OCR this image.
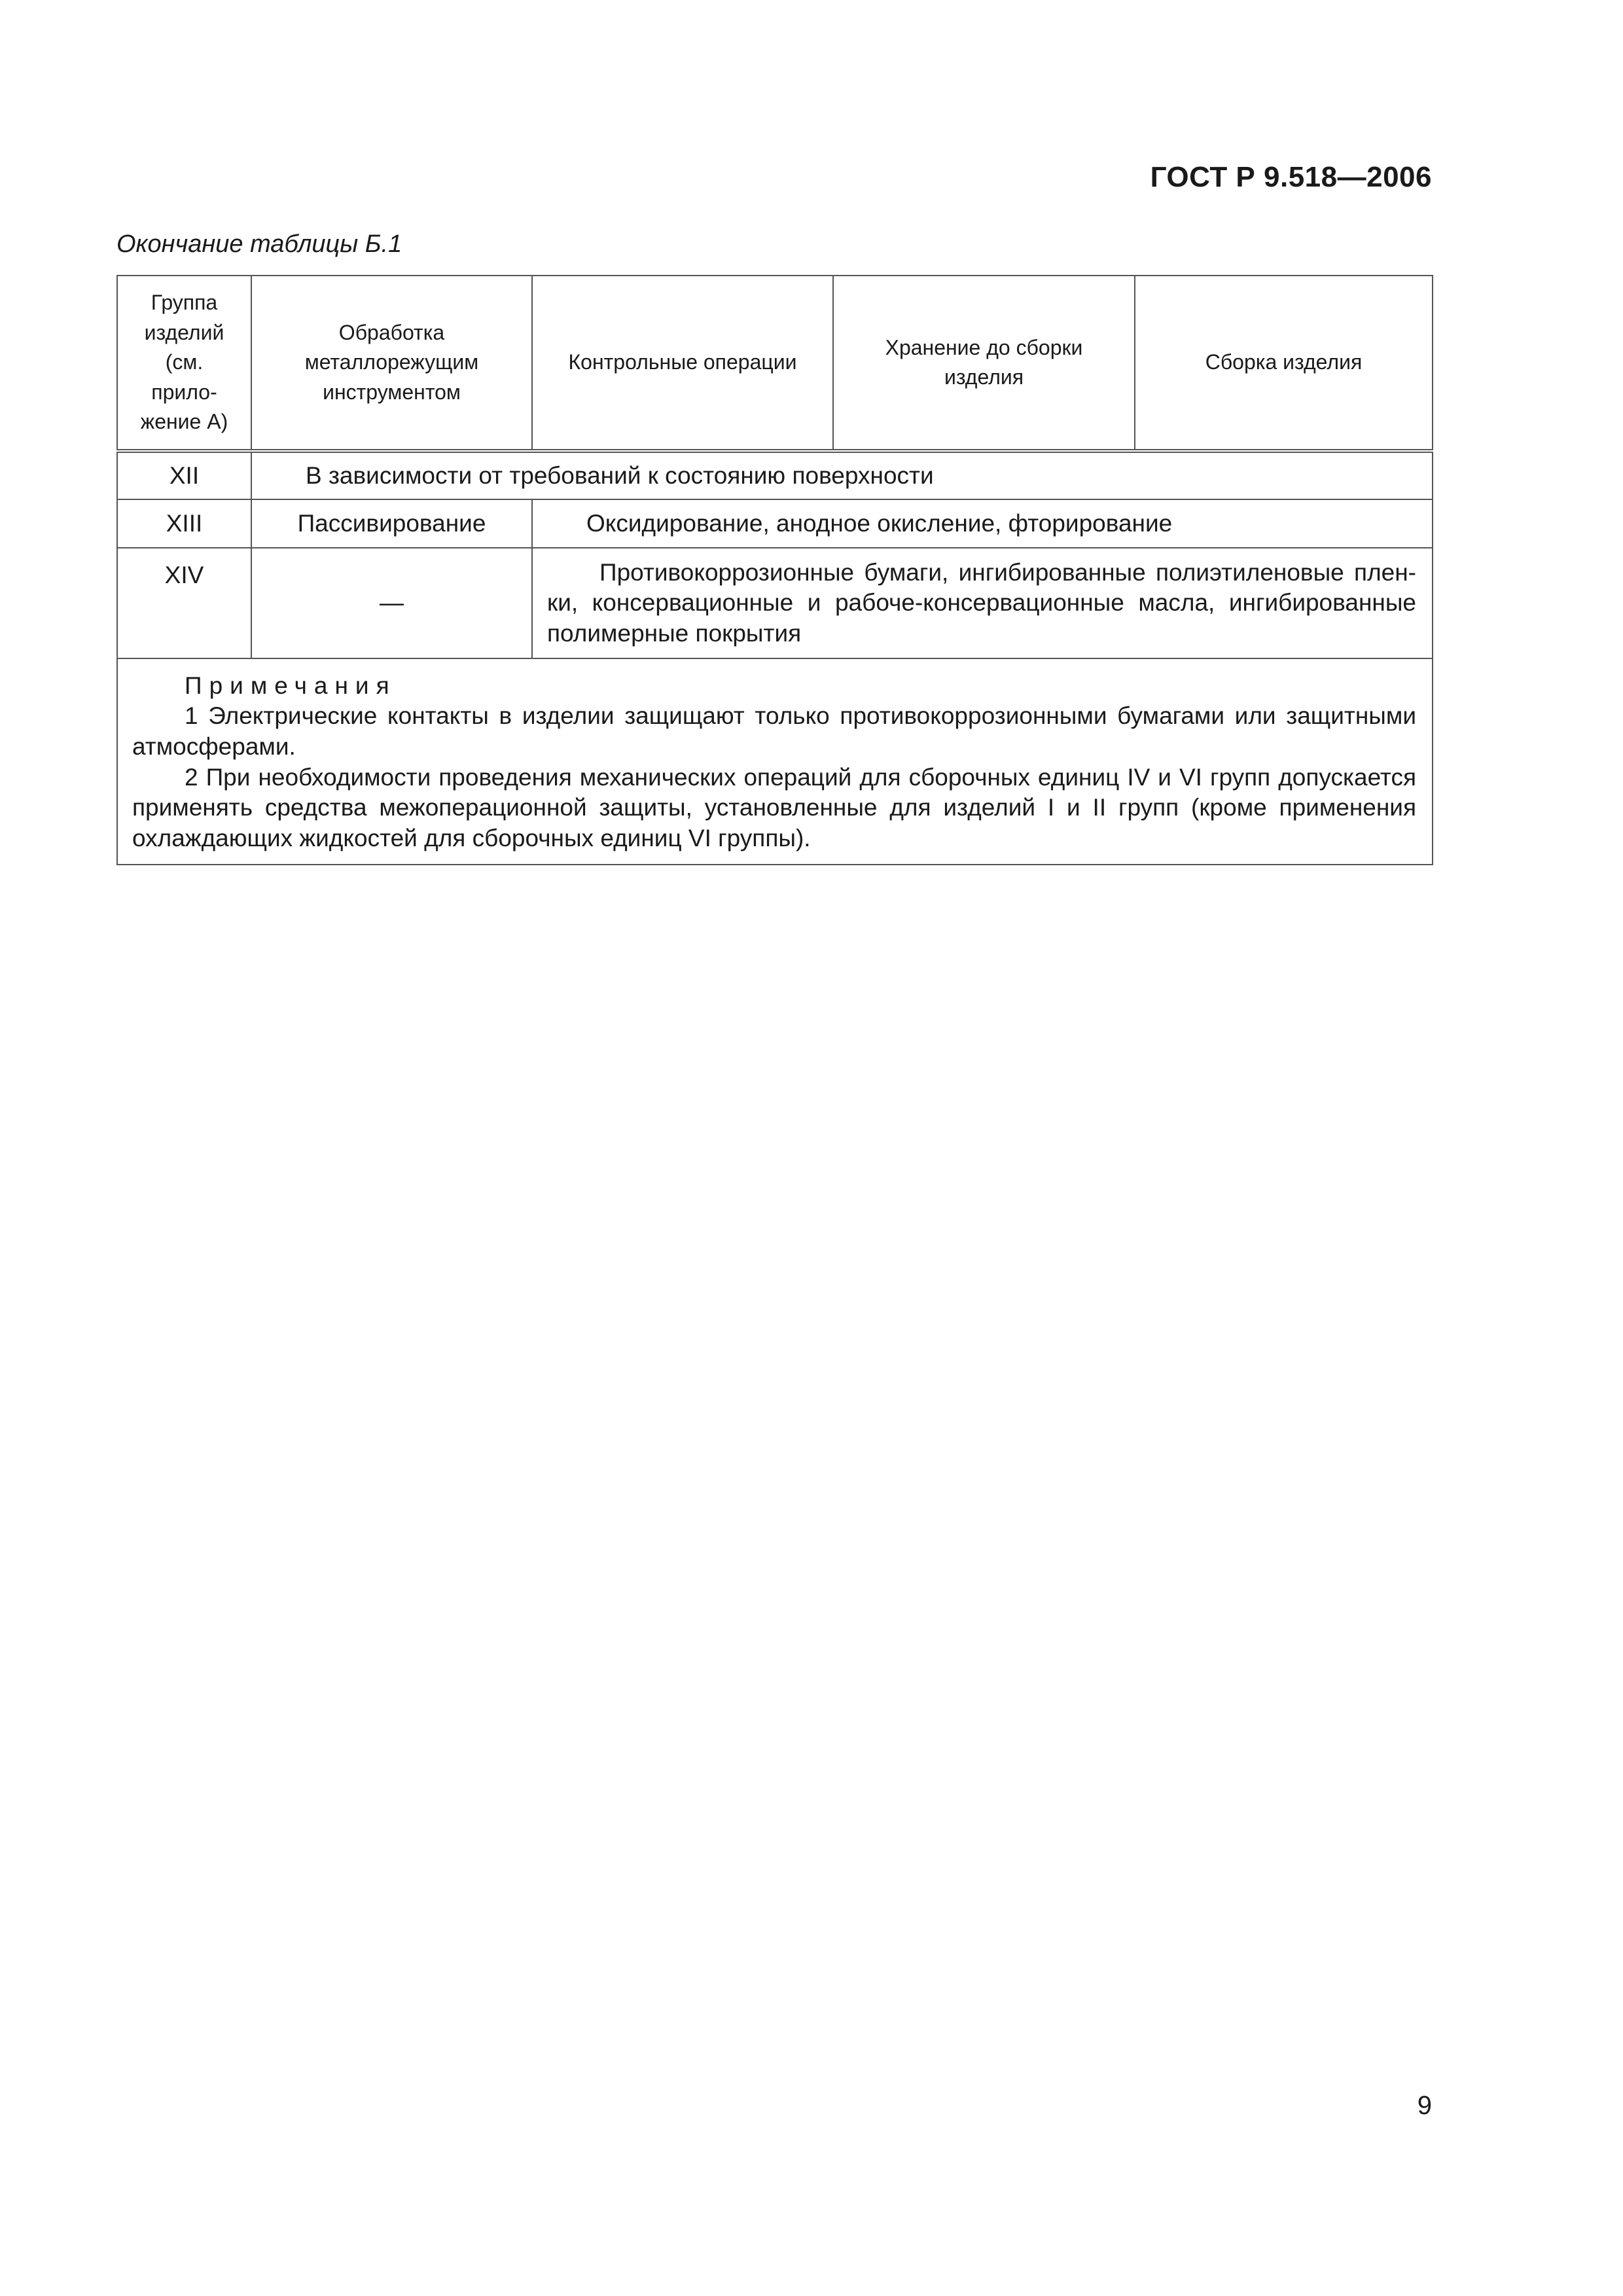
ГОСТ Р 9.518—2006
Окончание таблицы Б.1
Группа изделий (см. прило-жение А)	Обработка металлорежущим инструментом	Контрольные операции	Хранение до сборки изделия	Сборка изделия
XII	В зависимости от требований к состоянию поверхности			
XIII	Пассивирование	Оксидирование, анодное окисление, фторирование		
XIV	—	Противокоррозионные бумаги, ингибированные полиэтиленовые плен-ки, консервационные и рабоче-консервационные масла, ингибированные полимерные покрытия		

Примечания

1 Электрические контакты в изделии защищают только противокоррозионными бумагами или защитными атмосферами.

2 При необходимости проведения механических операций для сборочных единиц IV и VI групп допускается применять средства межоперационной защиты, установленные для изделий I и II групп (кроме применения охлаждающих жидкостей для сборочных единиц VI группы).				

9
